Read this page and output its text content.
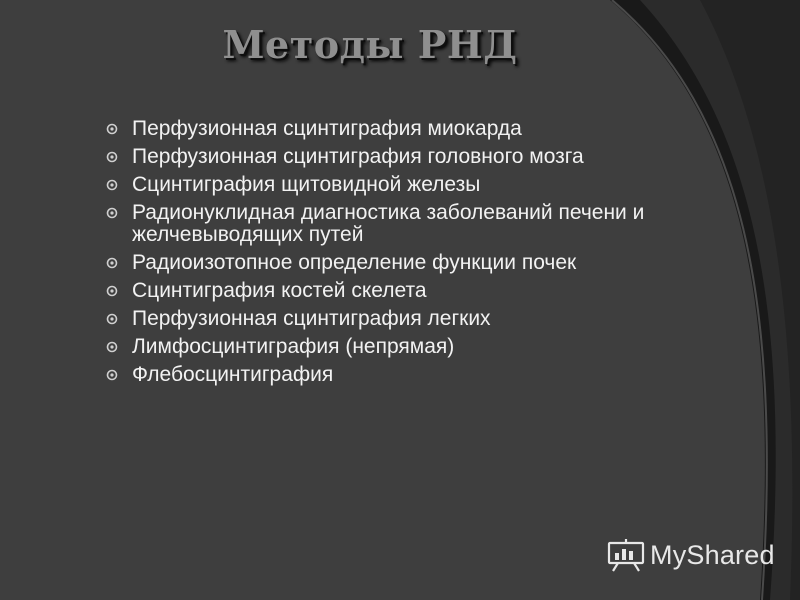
Методы РНД
Перфузионная сцинтиграфия миокарда
Перфузионная сцинтиграфия головного мозга
Сцинтиграфия щитовидной железы
Радионуклидная диагностика заболеваний печени и желчевыводящих путей
Радиоизотопное определение функции почек
Сцинтиграфия костей скелета
Перфузионная сцинтиграфия легких
Лимфосцинтиграфия (непрямая)
Флебосцинтиграфия
MyShared
